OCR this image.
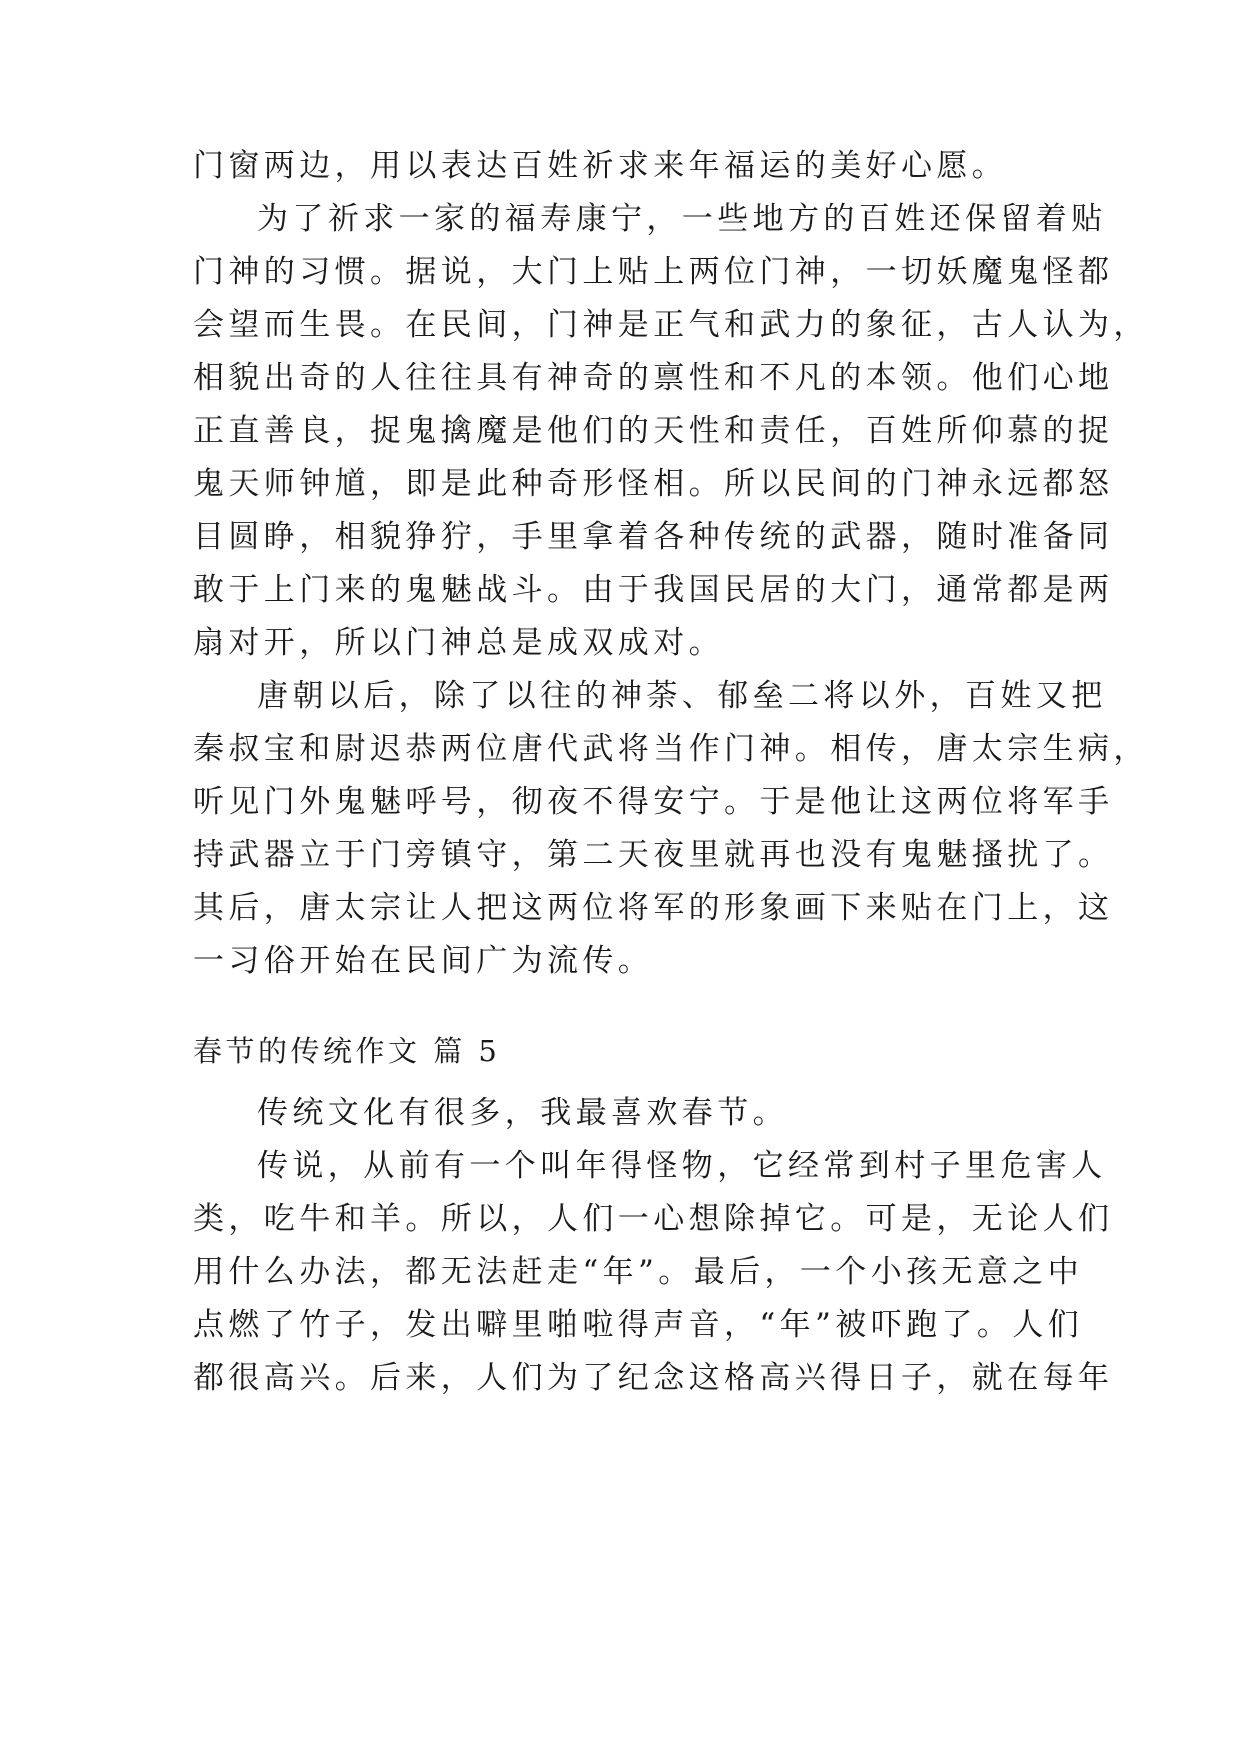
门窗两边，用以表达百姓祈求来年福运的美好心愿。
为了祈求一家的福寿康宁，一些地方的百姓还保留着贴
门神的习惯。据说，大门上贴上两位门神，一切妖魔鬼怪都
会望而生畏。在民间，门神是正气和武力的象征，古人认为，
相貌出奇的人往往具有神奇的禀性和不凡的本领。他们心地
正直善良，捉鬼擒魔是他们的天性和责任，百姓所仰慕的捉
鬼天师钟馗，即是此种奇形怪相。所以民间的门神永远都怒
目圆睁，相貌狰狞，手里拿着各种传统的武器，随时准备同
敢于上门来的鬼魅战斗。由于我国民居的大门，通常都是两
扇对开，所以门神总是成双成对。
唐朝以后，除了以往的神荼、郁垒二将以外，百姓又把
秦叔宝和尉迟恭两位唐代武将当作门神。相传，唐太宗生病，
听见门外鬼魅呼号，彻夜不得安宁。于是他让这两位将军手
持武器立于门旁镇守，第二天夜里就再也没有鬼魅搔扰了。
其后，唐太宗让人把这两位将军的形象画下来贴在门上，这
一习俗开始在民间广为流传。
春节的传统作文 篇 5
传统文化有很多，我最喜欢春节。
传说，从前有一个叫年得怪物，它经常到村子里危害人
类，吃牛和羊。所以，人们一心想除掉它。可是，无论人们
用什么办法，都无法赶走“年”。最后，一个小孩无意之中
点燃了竹子，发出噼里啪啦得声音，“年”被吓跑了。人们
都很高兴。后来，人们为了纪念这格高兴得日子，就在每年
